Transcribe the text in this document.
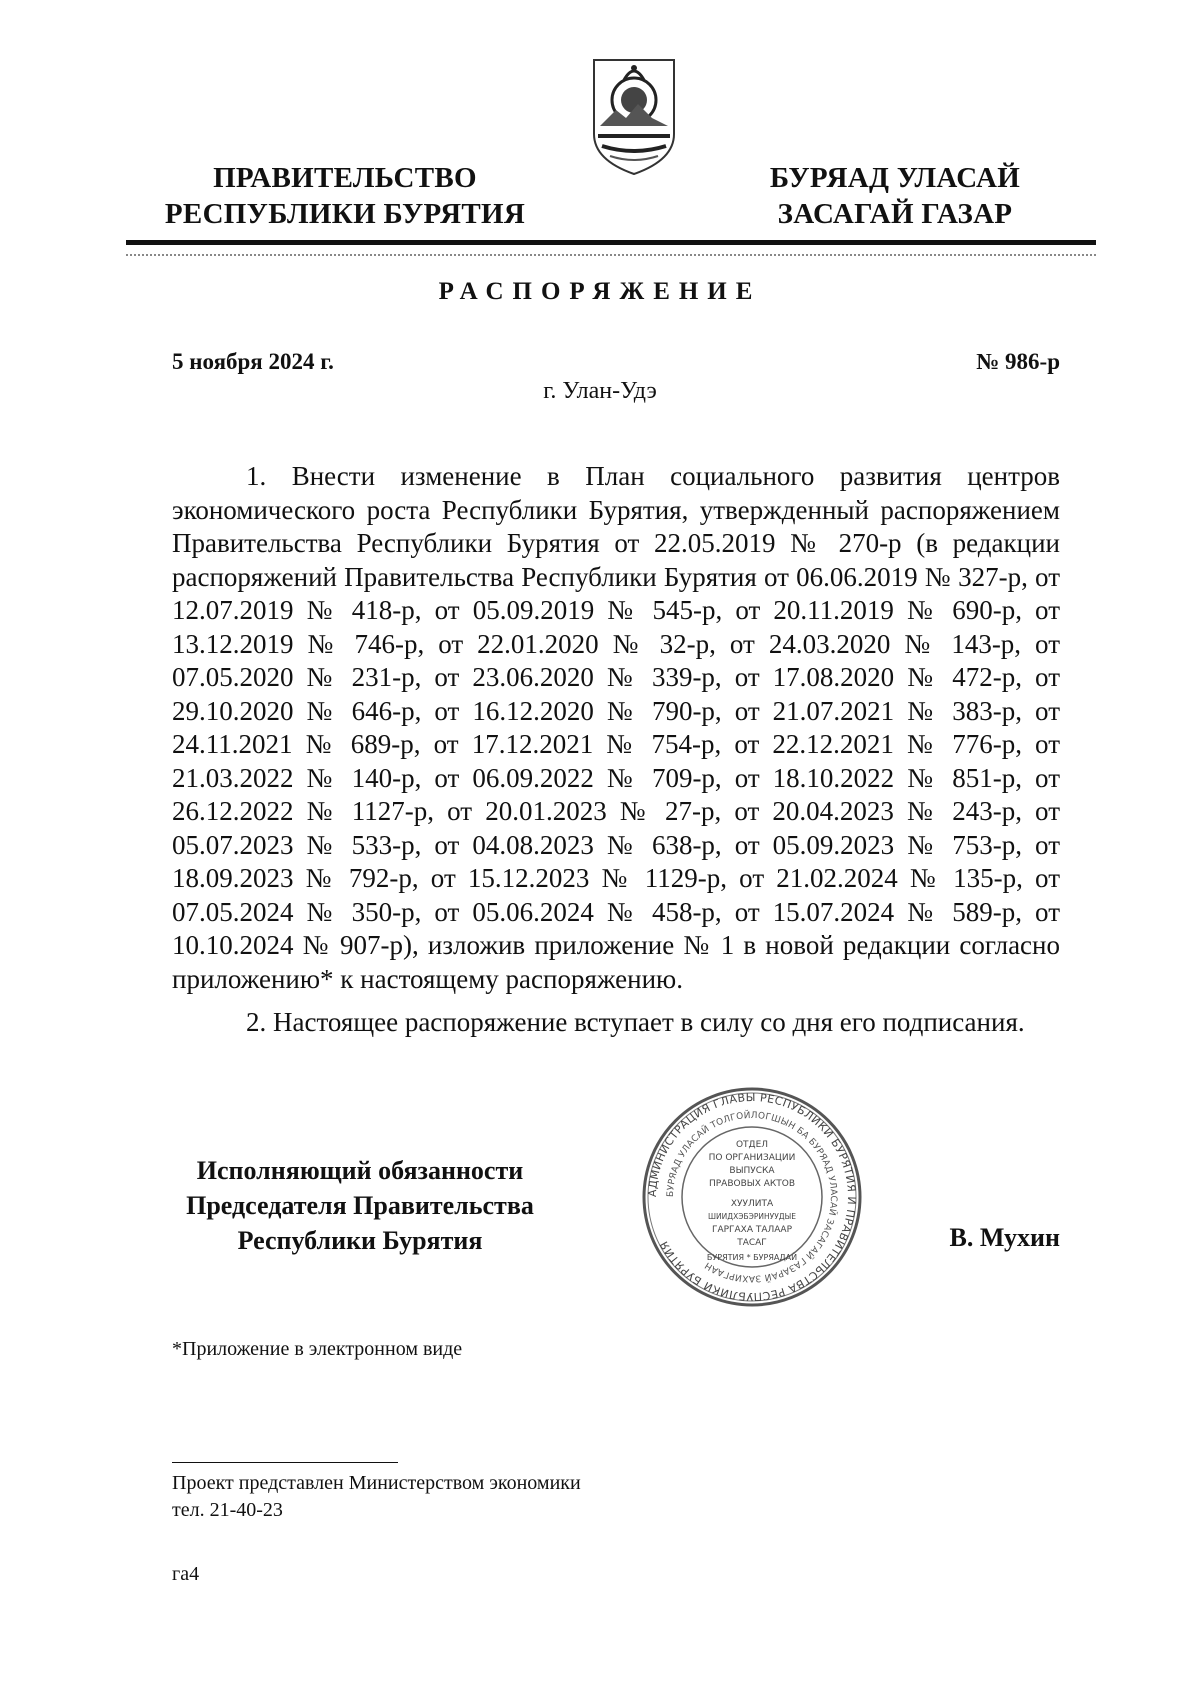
ПРАВИТЕЛЬСТВО
РЕСПУБЛИКИ БУРЯТИЯ
БУРЯАД УЛАСАЙ
ЗАСАГАЙ ГАЗАР
РАСПОРЯЖЕНИЕ
5 ноября 2024 г.	№ 986-р
г. Улан-Удэ
1. Внести изменение в План социального развития центров экономического роста Республики Бурятия, утвержденный распоряжением Правительства Республики Бурятия от 22.05.2019 № 270-р (в редакции распоряжений Правительства Республики Бурятия от 06.06.2019 № 327-р, от 12.07.2019 № 418-р, от 05.09.2019 № 545-р, от 20.11.2019 № 690-р, от 13.12.2019 № 746-р, от 22.01.2020 № 32-р, от 24.03.2020 № 143-р, от 07.05.2020 № 231-р, от 23.06.2020 № 339-р, от 17.08.2020 № 472-р, от 29.10.2020 № 646-р, от 16.12.2020 № 790-р, от 21.07.2021 № 383-р, от 24.11.2021 № 689-р, от 17.12.2021 № 754-р, от 22.12.2021 № 776-р, от 21.03.2022 № 140-р, от 06.09.2022 № 709-р, от 18.10.2022 № 851-р, от 26.12.2022 № 1127-р, от 20.01.2023 № 27-р, от 20.04.2023 № 243-р, от 05.07.2023 № 533-р, от 04.08.2023 № 638-р, от 05.09.2023 № 753-р, от 18.09.2023 № 792-р, от 15.12.2023 № 1129-р, от 21.02.2024 № 135-р, от 07.05.2024 № 350-р, от 05.06.2024 № 458-р, от 15.07.2024 № 589-р, от 10.10.2024 № 907-р), изложив приложение № 1 в новой редакции согласно приложению* к настоящему распоряжению.
2. Настоящее распоряжение вступает в силу со дня его подписания.
Исполняющий обязанности
Председателя Правительства
Республики Бурятия
АДМИНИСТРАЦИЯ ГЛАВЫ РЕСПУБЛИКИ БУРЯТИЯ И ПРАВИТЕЛЬСТВА РЕСПУБЛИКИ БУРЯТИЯ
БУРЯАД УЛАСАЙ ТОЛГОЙЛОГШЫН БА БУРЯАД УЛАСАЙ ЗАСАГАЙ ГАЗАРАЙ ЗАХИРГААН
ОТДЕЛ
ПО ОРГАНИЗАЦИИ
ВЫПУСКА
ПРАВОВЫХ АКТОВ
ХУУЛИТА
ШИИДХЭБЭРИНУУДЫЕ
ГАРГАХА ТАЛААР
ТАСАГ
БУРЯТИЯ * БУРЯАДАЙ
В. Мухин
*Приложение в электронном виде
Проект представлен Министерством экономики
тел. 21-40-23
га4
